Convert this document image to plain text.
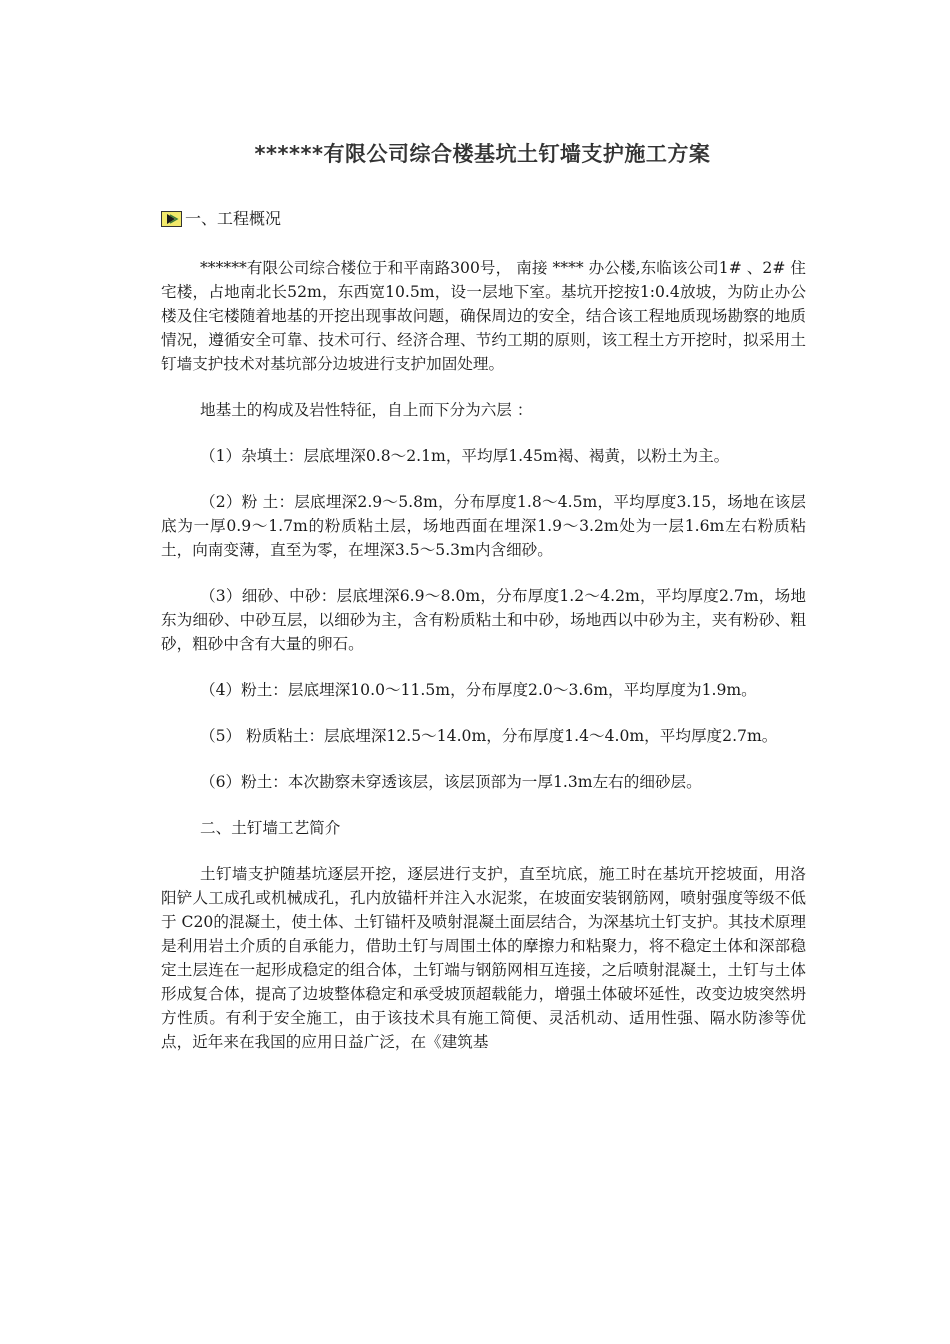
******有限公司综合楼基坑土钉墙支护施工方案
一、工程概况

******有限公司综合楼位于和平南路300号， 南接 **** 办公楼,东临该公司1# 、2# 住宅楼，占地南北长52m，东西宽10.5m，设一层地下室。基坑开挖按1:0.4放坡，为防止办公楼及住宅楼随着地基的开挖出现事故问题，确保周边的安全，结合该工程地质现场勘察的地质情况，遵循安全可靠、技术可行、经济合理、节约工期的原则，该工程土方开挖时，拟采用土钉墙支护技术对基坑部分边坡进行支护加固处理。

地基土的构成及岩性特征，自上而下分为六层 ：

（1）杂填土：层底埋深0.8～2.1m，平均厚1.45m褐、褐黄，以粉土为主。

（2）粉 土：层底埋深2.9～5.8m，分布厚度1.8～4.5m，平均厚度3.15，场地在该层底为一厚0.9～1.7m的粉质粘土层，场地西面在埋深1.9～3.2m处为一层1.6m左右粉质粘土，向南变薄，直至为零，在埋深3.5～5.3m内含细砂。

（3）细砂、中砂：层底埋深6.9～8.0m，分布厚度1.2～4.2m，平均厚度2.7m，场地东为细砂、中砂互层，以细砂为主，含有粉质粘土和中砂，场地西以中砂为主，夹有粉砂、粗砂，粗砂中含有大量的卵石。

（4）粉土：层底埋深10.0～11.5m，分布厚度2.0～3.6m，平均厚度为1.9m。

（5） 粉质粘土：层底埋深12.5～14.0m，分布厚度1.4～4.0m，平均厚度2.7m。

（6）粉土：本次勘察未穿透该层，该层顶部为一厚1.3m左右的细砂层。

二、土钉墙工艺简介

土钉墙支护随基坑逐层开挖，逐层进行支护，直至坑底，施工时在基坑开挖坡面，用洛阳铲人工成孔或机械成孔，孔内放锚杆并注入水泥浆，在坡面安装钢筋网，喷射强度等级不低于 C20的混凝土，使土体、土钉锚杆及喷射混凝土面层结合，为深基坑土钉支护。其技术原理是利用岩土介质的自承能力，借助土钉与周围土体的摩擦力和粘聚力，将不稳定土体和深部稳定土层连在一起形成稳定的组合体，土钉端与钢筋网相互连接，之后喷射混凝土，土钉与土体形成复合体，提高了边坡整体稳定和承受坡顶超载能力，增强土体破坏延性，改变边坡突然坍方性质。有利于安全施工，由于该技术具有施工简便、灵活机动、适用性强、隔水防渗等优点，近年来在我国的应用日益广泛，在《建筑基
